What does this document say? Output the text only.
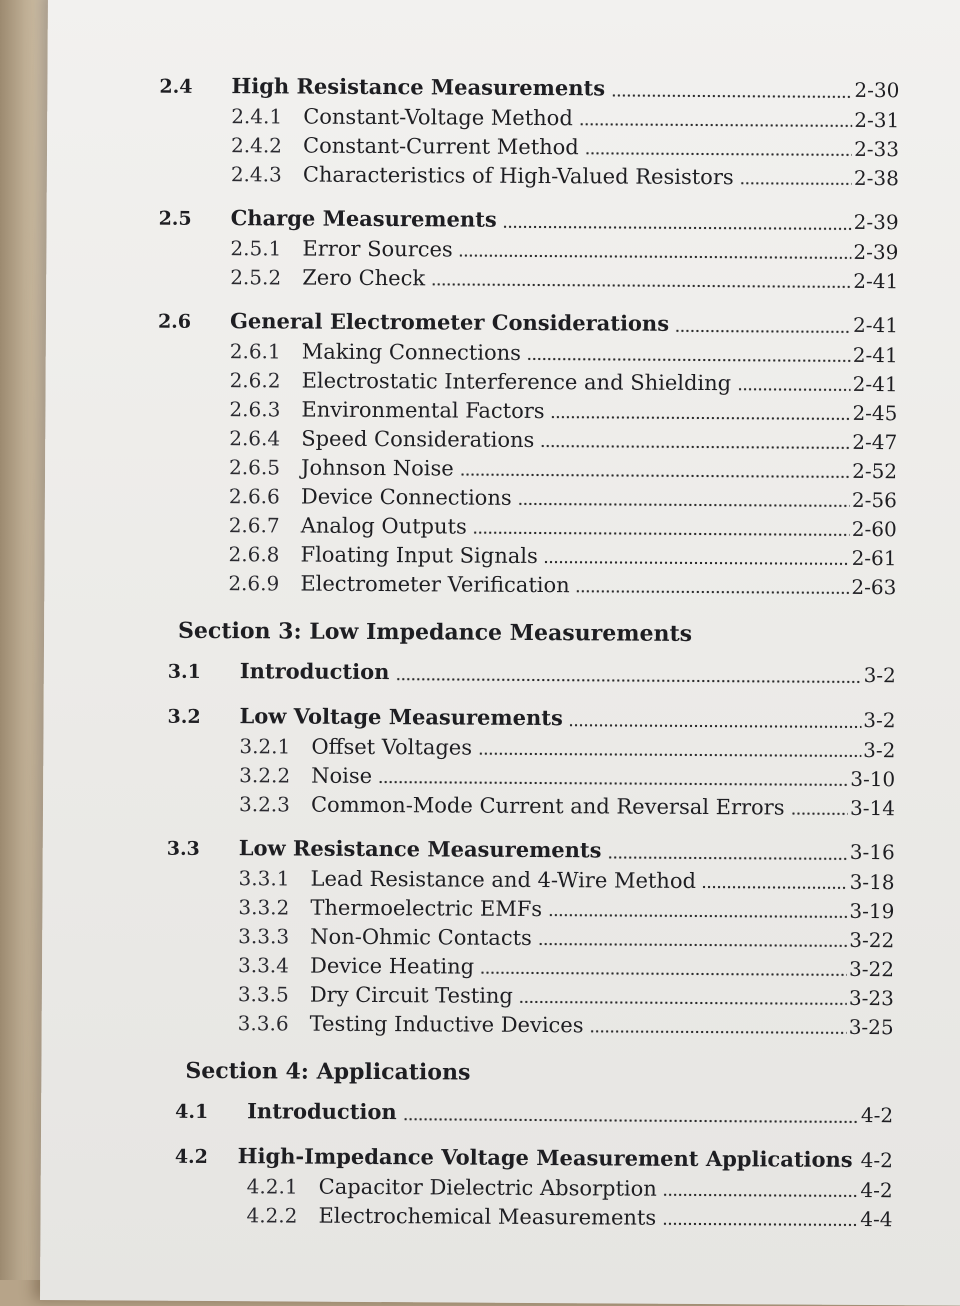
2.4	High Resistance Measurements	2-30
2.4.1 Constant-Voltage Method	2-31
2.4.2 Constant-Current Method	2-33
2.4.3 Characteristics of High-Valued Resistors	2-38
2.5	Charge Measurements	2-39
2.5.1 Error Sources	2-39
2.5.2 Zero Check	2-41
2.6	General Electrometer Considerations	2-41
2.6.1 Making Connections	2-41
2.6.2 Electrostatic Interference and Shielding	2-41
2.6.3 Environmental Factors	2-45
2.6.4 Speed Considerations	2-47
2.6.5 Johnson Noise	2-52
2.6.6 Device Connections	2-56
2.6.7 Analog Outputs	2-60
2.6.8 Floating Input Signals	2-61
2.6.9 Electrometer Verification	2-63
Section 3: Low Impedance Measurements
3.1	Introduction	3-2
3.2	Low Voltage Measurements	3-2
3.2.1 Offset Voltages	3-2
3.2.2 Noise	3-10
3.2.3 Common-Mode Current and Reversal Errors	3-14
3.3	Low Resistance Measurements	3-16
3.3.1 Lead Resistance and 4-Wire Method	3-18
3.3.2 Thermoelectric EMFs	3-19
3.3.3 Non-Ohmic Contacts	3-22
3.3.4 Device Heating	3-22
3.3.5 Dry Circuit Testing	3-23
3.3.6 Testing Inductive Devices	3-25
Section 4: Applications
4.1	Introduction	4-2
4.2	High-Impedance Voltage Measurement Applications 4-2
4.2.1 Capacitor Dielectric Absorption	4-2
4.2.2 Electrochemical Measurements	4-4
